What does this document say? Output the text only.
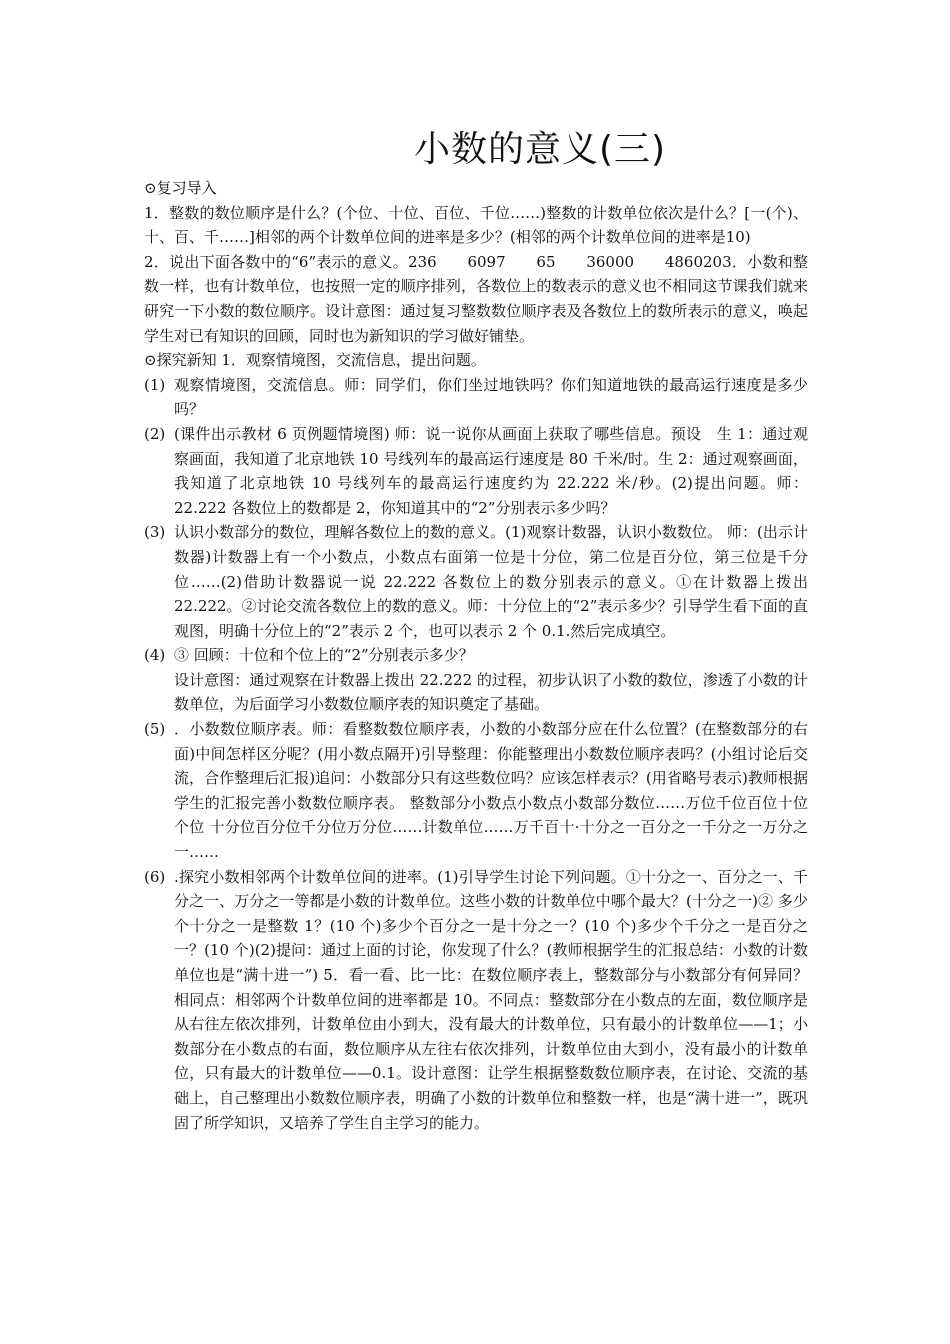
小数的意义(三)

⊙复习导入

1．整数的数位顺序是什么？(个位、十位、百位、千位……)整数的计数单位依次是什么？[一(个)、十、百、千……]相邻的两个计数单位间的进率是多少？(相邻的两个计数单位间的进率是10)

2．说出下面各数中的“6”表示的意义。236　　6097　　65　　36000　　4860203．小数和整数一样，也有计数单位，也按照一定的顺序排列，各数位上的数表示的意义也不相同这节课我们就来研究一下小数的数位顺序。设计意图：通过复习整数数位顺序表及各数位上的数所表示的意义，唤起学生对已有知识的回顾，同时也为新知识的学习做好铺垫。

⊙探究新知 1．观察情境图，交流信息，提出问题。

(1) 观察情境图，交流信息。师：同学们，你们坐过地铁吗？你们知道地铁的最高运行速度是多少吗？
(2) (课件出示教材 6 页例题情境图) 师：说一说你从画面上获取了哪些信息。预设　生 1：通过观察画面，我知道了北京地铁 10 号线列车的最高运行速度是 80 千米/时。生 2：通过观察画面，我知道了北京地铁 10 号线列车的最高运行速度约为 22.222 米/秒。(2)提出问题。师：22.222 各数位上的数都是 2，你知道其中的“2”分别表示多少吗？
(3) 认识小数部分的数位，理解各数位上的数的意义。(1)观察计数器，认识小数数位。 师：(出示计数器)计数器上有一个小数点，小数点右面第一位是十分位，第二位是百分位，第三位是千分位……(2)借助计数器说一说 22.222 各数位上的数分别表示的意义。①在计数器上拨出 22.222。②讨论交流各数位上的数的意义。师：十分位上的“2”表示多少？引导学生看下面的直观图，明确十分位上的“2”表示 2 个，也可以表示 2 个 0.1.然后完成填空。
(4) ③ 回顾：十位和个位上的“2”分别表示多少？
设计意图：通过观察在计数器上拨出 22.222 的过程，初步认识了小数的数位，渗透了小数的计数单位，为后面学习小数数位顺序表的知识奠定了基础。
(5) ．小数数位顺序表。师：看整数数位顺序表，小数的小数部分应在什么位置？(在整数部分的右面)中间怎样区分呢？(用小数点隔开)引导整理：你能整理出小数数位顺序表吗？(小组讨论后交流，合作整理后汇报)追问：小数部分只有这些数位吗？应该怎样表示？(用省略号表示)教师根据学生的汇报完善小数数位顺序表。 整数部分小数点小数点小数部分数位……万位千位百位十位个位 十分位百分位千分位万分位……计数单位……万千百十·十分之一百分之一千分之一万分之一……
(6) .探究小数相邻两个计数单位间的进率。(1)引导学生讨论下列问题。①十分之一、百分之一、千分之一、万分之一等都是小数的计数单位。这些小数的计数单位中哪个最大？(十分之一)② 多少个十分之一是整数 1？(10 个)多少个百分之一是十分之一？(10 个)多少个千分之一是百分之一？(10 个)(2)提问：通过上面的讨论，你发现了什么？(教师根据学生的汇报总结：小数的计数单位也是“满十进一”) 5．看一看、比一比：在数位顺序表上，整数部分与小数部分有何异同？相同点：相邻两个计数单位间的进率都是 10。不同点：整数部分在小数点的左面，数位顺序是从右往左依次排列，计数单位由小到大，没有最大的计数单位，只有最小的计数单位——1；小数部分在小数点的右面，数位顺序从左往右依次排列，计数单位由大到小，没有最小的计数单位，只有最大的计数单位——0.1。设计意图：让学生根据整数数位顺序表，在讨论、交流的基础上，自己整理出小数数位顺序表，明确了小数的计数单位和整数一样，也是“满十进一”，既巩固了所学知识，又培养了学生自主学习的能力。
